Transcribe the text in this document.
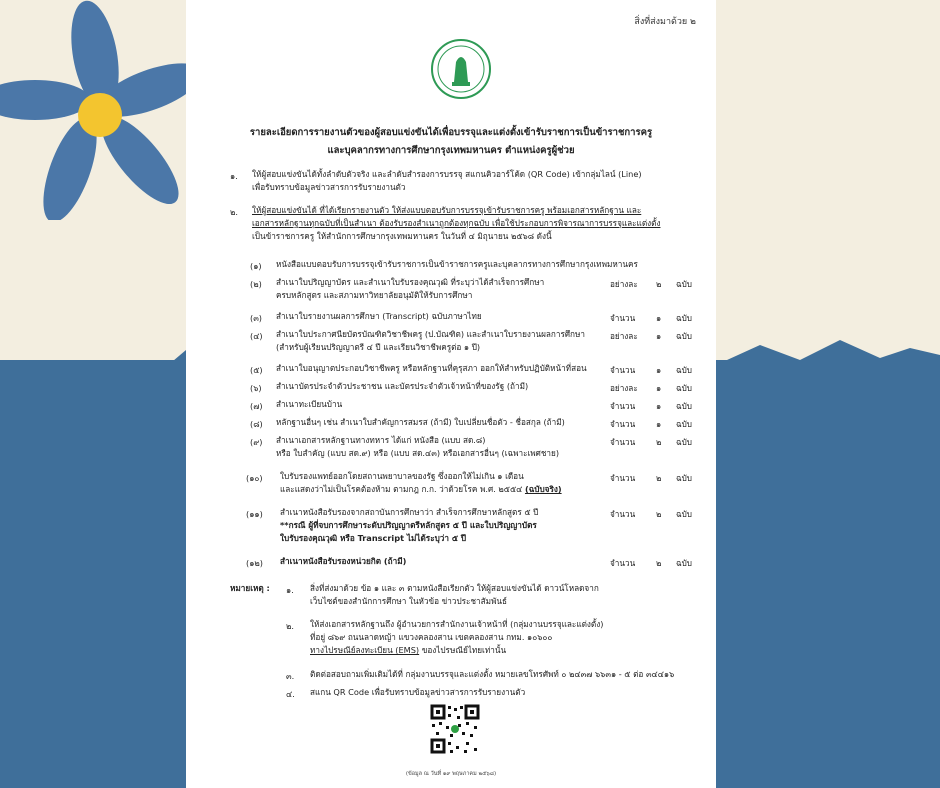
สิ่งที่ส่งมาด้วย ๒
รายละเอียดการรายงานตัวของผู้สอบแข่งขันได้เพื่อบรรจุและแต่งตั้งเข้ารับราชการเป็นข้าราชการครู
และบุคลากรทางการศึกษากรุงเทพมหานคร ตำแหน่งครูผู้ช่วย
๑. ให้ผู้สอบแข่งขันได้ทั้งลำดับตัวจริง และลำดับสำรองการบรรจุ สแกนคิวอาร์โค้ด (QR Code) เข้ากลุ่มไลน์ (Line)
เพื่อรับทราบข้อมูลข่าวสารการรับรายงานตัว
๒. ให้ผู้สอบแข่งขันได้ ที่ได้เรียกรายงานตัว ให้ส่งแบบตอบรับการบรรจุเข้ารับราชการครู พร้อมเอกสารหลักฐาน และ
เอกสารหลักฐานทุกฉบับที่เป็นสำเนา ต้องรับรองสำเนาถูกต้องทุกฉบับ เพื่อใช้ประกอบการพิจารณาการบรรจุและแต่งตั้ง
เป็นข้าราชการครู ให้สำนักการศึกษากรุงเทพมหานคร ในวันที่ ๔ มิถุนายน ๒๕๖๘ ดังนี้
(๑) หนังสือแบบตอบรับการบรรจุเข้ารับราชการเป็นข้าราชการครูและบุคลากรทางการศึกษากรุงเทพมหานคร
(๒) สำเนาใบปริญญาบัตร และสำเนาใบรับรองคุณวุฒิ ที่ระบุว่าได้สำเร็จการศึกษา
ครบหลักสูตร และสภามหาวิทยาลัยอนุมัติให้รับการศึกษา
อย่างละ ๒ ฉบับ
(๓) สำเนาใบรายงานผลการศึกษา (Transcript) ฉบับภาษาไทย	จำนวน	๑ ฉบับ
(๔) สำเนาใบประกาศนียบัตรบัณฑิตวิชาชีพครู (ป.บัณฑิต) และสำเนาใบรายงานผลการศึกษา
(สำหรับผู้เรียนปริญญาตรี ๔ ปี และเรียนวิชาชีพครูต่อ ๑ ปี)
อย่างละ ๑ ฉบับ
(๕) สำเนาใบอนุญาตประกอบวิชาชีพครู หรือหลักฐานที่คุรุสภา ออกให้สำหรับปฏิบัติหน้าที่สอน	จำนวน	๑ ฉบับ
(๖) สำเนาบัตรประจำตัวประชาชน และบัตรประจำตัวเจ้าหน้าที่ของรัฐ (ถ้ามี)	อย่างละ ๑ ฉบับ
(๗) สำเนาทะเบียนบ้าน	จำนวน	๑ ฉบับ
(๘) หลักฐานอื่นๆ เช่น สำเนาใบสำคัญการสมรส (ถ้ามี) ใบเปลี่ยนชื่อตัว - ชื่อสกุล (ถ้ามี)	จำนวน	๑ ฉบับ
(๙) สำเนาเอกสารหลักฐานทางทหาร ได้แก่ หนังสือ (แบบ สด.๘)
หรือ ใบสำคัญ (แบบ สด.๙) หรือ (แบบ สด.๔๓) หรือเอกสารอื่นๆ (เฉพาะเพศชาย)
จำนวน	๒ ฉบับ
(๑๐) ใบรับรองแพทย์ออกโดยสถานพยาบาลของรัฐ ซึ่งออกให้ไม่เกิน ๑ เดือน
และแสดงว่าไม่เป็นโรคต้องห้าม ตามกฎ ก.ก. ว่าด้วยโรค พ.ศ. ๒๕๕๔ (ฉบับจริง)
จำนวน	๒ ฉบับ
(๑๑) สำเนาหนังสือรับรองจากสถาบันการศึกษาว่า สำเร็จการศึกษาหลักสูตร ๕ ปี
**กรณี ผู้ที่จบการศึกษาระดับปริญญาตรีหลักสูตร ๕ ปี และใบปริญญาบัตร
ใบรับรองคุณวุฒิ หรือ Transcript ไม่ได้ระบุว่า ๕ ปี
จำนวน	๒ ฉบับ
(๑๒) สำเนาหนังสือรับรองหน่วยกิต (ถ้ามี)	จำนวน	๒ ฉบับ
หมายเหตุ : ๑. สิ่งที่ส่งมาด้วย ข้อ ๑ และ ๓ ตามหนังสือเรียกตัว ให้ผู้สอบแข่งขันได้ ดาวน์โหลดจาก
เว็บไซต์ของสำนักการศึกษา ในหัวข้อ ข่าวประชาสัมพันธ์
๒. ให้ส่งเอกสารหลักฐานถึง ผู้อำนวยการสำนักงานเจ้าหน้าที่ (กลุ่มงานบรรจุและแต่งตั้ง)
ที่อยู่ ๘๖๙ ถนนลาดหญ้า แขวงคลองสาน เขตคลองสาน กทม. ๑๐๖๐๐
ทางไปรษณีย์ลงทะเบียน (EMS) ของไปรษณีย์ไทยเท่านั้น
๓. ติดต่อสอบถามเพิ่มเติมได้ที่ กลุ่มงานบรรจุและแต่งตั้ง หมายเลขโทรศัพท์ ๐ ๒๔๓๗ ๖๖๓๑ - ๕ ต่อ ๓๔๔๑๖
๔. สแกน QR Code เพื่อรับทราบข้อมูลข่าวสารการรับรายงานตัว
(ข้อมูล ณ วันที่ ๑๙ พฤษภาคม ๒๕๖๘)
